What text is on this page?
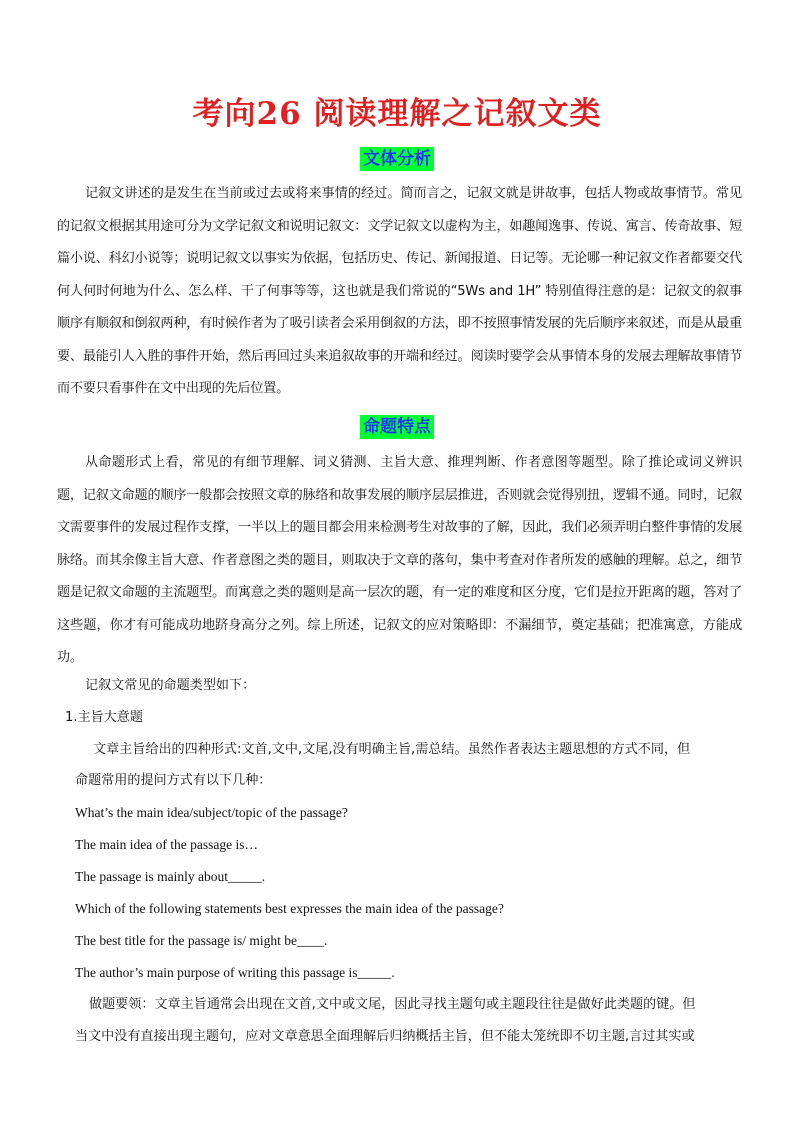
考向26 阅读理解之记叙文类
文体分析

记叙文讲述的是发生在当前或过去或将来事情的经过。简而言之，记叙文就是讲故事，包括人物或故事情节。常见的记叙文根据其用途可分为文学记叙文和说明记叙文：文学记叙文以虚构为主，如趣闻逸事、传说、寓言、传奇故事、短篇小说、科幻小说等；说明记叙文以事实为依据，包括历史、传记、新闻报道、日记等。无论哪一种记叙文作者都要交代何人何时何地为什么、怎么样、干了何事等等，这也就是我们常说的“5Ws and 1H” 特别值得注意的是：记叙文的叙事顺序有顺叙和倒叙两种，有时候作者为了吸引读者会采用倒叙的方法，即不按照事情发展的先后顺序来叙述，而是从最重要、最能引人入胜的事件开始，然后再回过头来追叙故事的开端和经过。阅读时要学会从事情本身的发展去理解故事情节而不要只看事件在文中出现的先后位置。

命题特点

从命题形式上看，常见的有细节理解、词义猜测、主旨大意、推理判断、作者意图等题型。除了推论或词义辨识题，记叙文命题的顺序一般都会按照文章的脉络和故事发展的顺序层层推进，否则就会觉得别扭，逻辑不通。同时，记叙文需要事件的发展过程作支撑，一半以上的题目都会用来检测考生对故事的了解，因此，我们必须弄明白整件事情的发展脉络。而其余像主旨大意、作者意图之类的题目，则取决于文章的落句，集中考查对作者所发的感触的理解。总之，细节题是记叙文命题的主流题型。而寓意之类的题则是高一层次的题，有一定的难度和区分度，它们是拉开距离的题，答对了这些题，你才有可能成功地跻身高分之列。综上所述，记叙文的应对策略即：不漏细节，奠定基础；把准寓意，方能成功。

记叙文常见的命题类型如下：
1.主旨大意题
文章主旨给出的四种形式:文首,文中,文尾,没有明确主旨,需总结。虽然作者表达主题思想的方式不同，但
命题常用的提问方式有以下几种：
What’s the main idea/subject/topic of the passage?
The main idea of the passage is…
The passage is mainly about_____.
Which of the following statements best expresses the main idea of the passage?
The best title for the passage is/ might be____.
The author’s main purpose of writing this passage is_____.
做题要领：文章主旨通常会出现在文首,文中或文尾，因此寻找主题句或主题段往往是做好此类题的键。但
当文中没有直接出现主题句，应对文章意思全面理解后归纳概括主旨，但不能太笼统即不切主题,言过其实或
